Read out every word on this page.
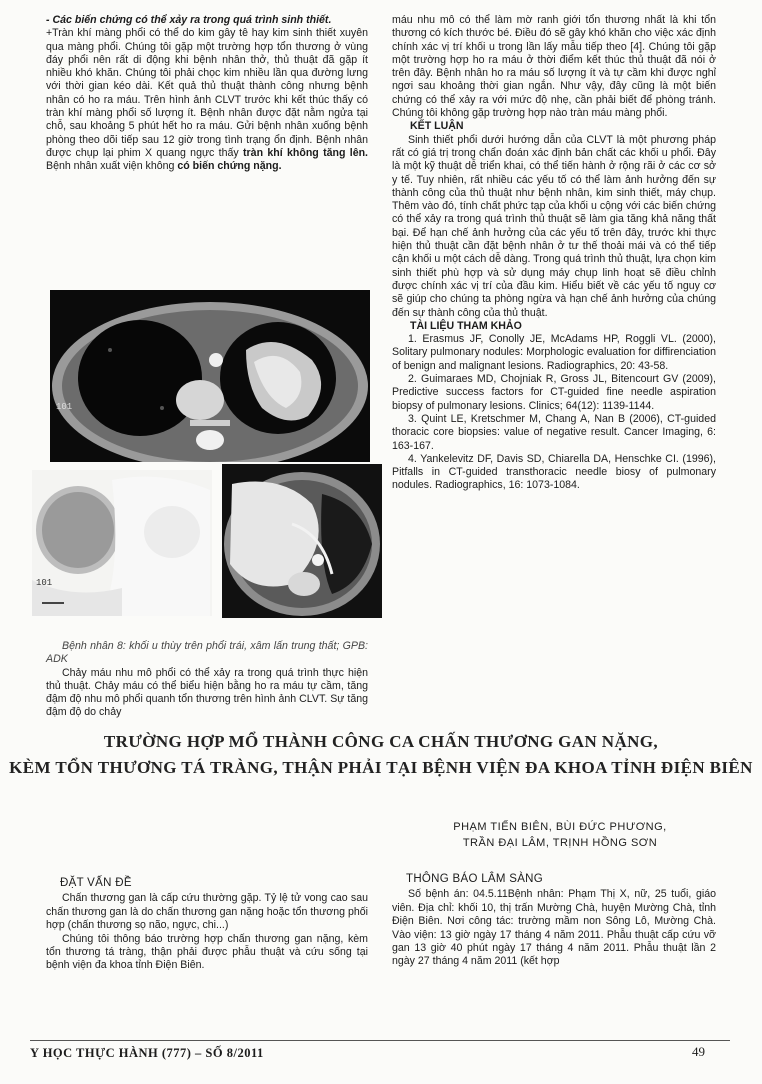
- Các biến chứng có thể xảy ra trong quá trình sinh thiết.

+Tràn khí màng phổi có thể do kim gây tê hay kim sinh thiết xuyên qua màng phổi. Chúng tôi gặp một trường hợp tổn thương ở vùng đáy phổi nên rất di động khi bệnh nhân thở, thủ thuật đã gặp ít nhiều khó khăn. Chúng tôi phải chọc kim nhiều lần qua đường lưng với thời gian kéo dài. Kết quả thủ thuật thành công nhưng bệnh nhân có ho ra máu. Trên hình ảnh CLVT trước khi kết thúc thấy có tràn khí màng phổi số lượng ít. Bệnh nhân được đặt nằm ngửa tại chỗ, sau khoảng 5 phút hết ho ra máu. Gửi bệnh nhân xuống bệnh phòng theo dõi tiếp sau 12 giờ trong tình trạng ổn định. Bệnh nhân được chụp lại phim X quang ngực thấy tràn khí không tăng lên. Bệnh nhân xuất viện không có biến chứng nặng.

101
101

Bệnh nhân 8: khối u thùy trên phổi trái, xâm lấn trung thất; GPB: ADK

Chảy máu nhu mô phổi có thể xảy ra trong quá trình thực hiện thủ thuật. Chảy máu có thể biểu hiện bằng ho ra máu tự cầm, tăng đậm độ nhu mô phổi quanh tổn thương trên hình ảnh CLVT. Sự tăng đậm độ do chảy

máu nhu mô có thể làm mờ ranh giới tổn thương nhất là khi tổn thương có kích thước bé. Điều đó sẽ gây khó khăn cho việc xác định chính xác vị trí khối u trong lần lấy mẫu tiếp theo [4]. Chúng tôi gặp một trường hợp ho ra máu ở thời điểm kết thúc thủ thuật đã nói ở trên đây. Bệnh nhân ho ra máu số lượng ít và tự cầm khi được nghỉ ngơi sau khoảng thời gian ngắn. Như vậy, đây cũng là một biến chứng có thể xảy ra với mức độ nhẹ, cần phải biết để phòng tránh. Chúng tôi không gặp trường hợp nào tràn máu màng phổi.

KẾT LUẬN

Sinh thiết phổi dưới hướng dẫn của CLVT là một phương pháp rất có giá trị trong chẩn đoán xác định bản chất các khối u phổi. Đây là một kỹ thuật dễ triển khai, có thể tiến hành ở rộng rãi ở các cơ sở y tế. Tuy nhiên, rất nhiều các yếu tố có thể làm ảnh hưởng đến sự thành công của thủ thuật như bệnh nhân, kim sinh thiết, máy chụp. Thêm vào đó, tính chất phức tạp của khối u cộng với các biến chứng có thể xảy ra trong quá trình thủ thuật sẽ làm gia tăng khả năng thất bại. Để hạn chế ảnh hưởng của các yếu tố trên đây, trước khi thực hiện thủ thuật cần đặt bệnh nhân ở tư thế thoải mái và có thể tiếp cận khối u một cách dễ dàng. Trong quá trình thủ thuật, lựa chọn kim sinh thiết phù hợp và sử dụng máy chụp linh hoạt sẽ điều chỉnh được chính xác vị trí của đầu kim. Hiểu biết về các yếu tố nguy cơ sẽ giúp cho chúng ta phòng ngừa và hạn chế ảnh hưởng của chúng đến sự thành công của thủ thuật.

TÀI LIỆU THAM KHẢO

1. Erasmus JF, Conolly JE, McAdams HP, Roggli VL. (2000), Solitary pulmonary nodules: Morphologic evaluation for diffirenciation of benign and malignant lesions. Radiographics, 20: 43-58.

2. Guimaraes MD, Chojniak R, Gross JL, Bitencourt GV (2009), Predictive success factors for CT-guided fine needle aspiration biopsy of pulmonary lesions. Clinics; 64(12): 1139-1144.

3. Quint LE, Kretschmer M, Chang A, Nan B (2006), CT-guided thoracic core biopsies: value of negative result. Cancer Imaging, 6: 163-167.

4. Yankelevitz DF, Davis SD, Chiarella DA, Henschke CI. (1996), Pitfalls in CT-guided transthoracic needle biosy of pulmonary nodules. Radiographics, 16: 1073-1084.

TRƯỜNG HỢP MỔ THÀNH CÔNG CA CHẤN THƯƠNG GAN NẶNG,
KÈM TỔN THƯƠNG TÁ TRÀNG, THẬN PHẢI TẠI BỆNH VIỆN ĐA KHOA TỈNH ĐIỆN BIÊN
PHẠM TIẾN BIÊN, BÙI ĐỨC PHƯƠNG,
TRẦN ĐẠI LÂM, TRỊNH HỒNG SƠN

ĐẶT VẤN ĐỀ

Chấn thương gan là cấp cứu thường gặp. Tỷ lệ tử vong cao sau chấn thương gan là do chấn thương gan nặng hoặc tổn thương phối hợp (chấn thương sọ não, ngực, chi...)

Chúng tôi thông báo trường hợp chấn thương gan nặng, kèm tổn thương tá tràng, thận phải được phẫu thuật và cứu sống tại bệnh viện đa khoa tỉnh Điện Biên.

THÔNG BÁO LÂM SÀNG

Số bệnh án: 04.5.11Bệnh nhân: Phạm Thị X, nữ, 25 tuổi, giáo viên. Địa chỉ: khối 10, thị trấn Mường Chà, huyện Mường Chà, tỉnh Điện Biên. Nơi công tác: trường mầm non Sông Lô, Mường Chà. Vào viện: 13 giờ ngày 17 tháng 4 năm 2011. Phẫu thuật cấp cứu vỡ gan 13 giờ 40 phút ngày 17 tháng 4 năm 2011. Phẫu thuật lần 2 ngày 27 tháng 4 năm 2011 (kết hợp

Y HỌC THỰC HÀNH (777) – SỐ 8/2011	49
